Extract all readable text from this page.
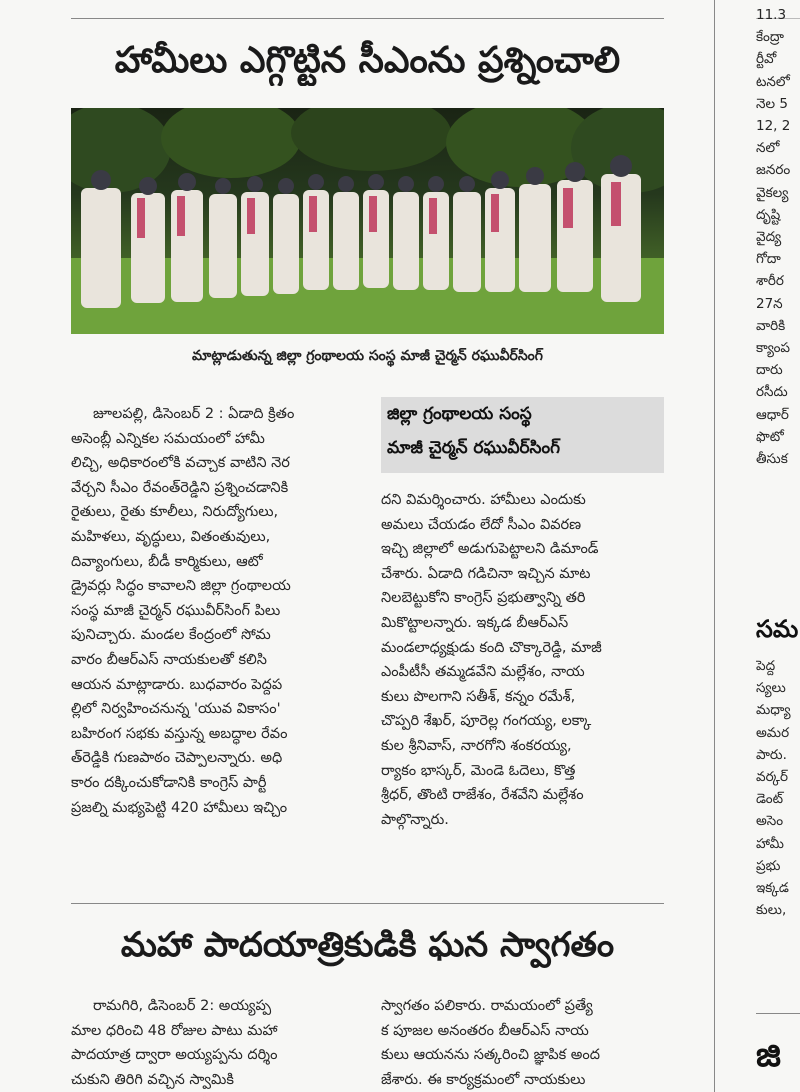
హామీలు ఎగ్గొట్టిన సీఎంను ప్రశ్నించాలి
మాట్లాడుతున్న జిల్లా గ్రంథాలయ సంస్థ మాజీ చైర్మన్ రఘువీర్‌సింగ్

జూలపల్లి, డిసెంబర్ 2 : ఏడాది క్రితం

అసెంబ్లీ ఎన్నికల సమయంలో హామీ

లిచ్చి, అధికారంలోకి వచ్చాక వాటిని నెర

వేర్చని సీఎం రేవంత్‌రెడ్డిని ప్రశ్నించడానికి

రైతులు, రైతు కూలీలు, నిరుద్యోగులు,

మహిళలు, వృద్ధులు, వితంతువులు,

దివ్యాంగులు, బీడీ కార్మికులు, ఆటో

డ్రైవర్లు సిద్ధం కావాలని జిల్లా గ్రంథాలయ

సంస్థ మాజీ చైర్మన్ రఘువీర్‌సింగ్ పిలు

పునిచ్చారు. మండల కేంద్రంలో సోమ

వారం బీఆర్‌ఎస్ నాయకులతో కలిసి

ఆయన మాట్లాడారు. బుధవారం పెద్దప

ల్లిలో నిర్వహించనున్న 'యువ వికాసం'

బహిరంగ సభకు వస్తున్న అబద్ధాల రేవం

త్‌రెడ్డికి గుణపాఠం చెప్పాలన్నారు. అధి

కారం దక్కించుకోడానికి కాంగ్రెస్ పార్టీ

ప్రజల్ని మభ్యపెట్టి 420 హామీలు ఇచ్చిం

జిల్లా గ్రంథాలయ సంస్థ
మాజీ చైర్మన్ రఘువీర్‌సింగ్

దని విమర్శించారు. హామీలు ఎందుకు

అమలు చేయడం లేదో సీఎం వివరణ

ఇచ్చి జిల్లాలో అడుగుపెట్టాలని డిమాండ్

చేశారు. ఏడాది గడిచినా ఇచ్చిన మాట

నిలబెట్టుకోని కాంగ్రెస్ ప్రభుత్వాన్ని తరి

మికొట్టాలన్నారు. ఇక్కడ బీఆర్‌ఎస్

మండలాధ్యక్షుడు కంది చొక్కారెడ్డి, మాజీ

ఎంపీటీసీ తమ్మడవేని మల్లేశం, నాయ

కులు పొలగాని సతీశ్, కన్నం రమేశ్,

చొప్పరి శేఖర్, పూరెల్ల గంగయ్య, లక్కా

కుల శ్రీనివాస్, నారగోని శంకరయ్య,

ర్యాకం భాస్కర్, మెండె ఓదెలు, కొత్త

శ్రీధర్, తొంటి రాజేశం, రేశవేని మల్లేశం

పాల్గొన్నారు.

మహా పాదయాత్రికుడికి ఘన స్వాగతం

రామగిరి, డిసెంబర్ 2: అయ్యప్ప

మాల ధరించి 48 రోజుల పాటు మహా

పాదయాత్ర ద్వారా అయ్యప్పను దర్శిం

చుకుని తిరిగి వచ్చిన స్వామికి

స్వాగతం పలికారు. రామయంలో ప్రత్యే

క పూజల అనంతరం బీఆర్‌ఎస్ నాయ

కులు ఆయనను సత్కరించి జ్ఞాపిక అంద

జేశారు. ఈ కార్యక్రమంలో నాయకులు

11.3
కేంద్రా
ర్టీవో
టనలో
నెల 5
12, 2
నలో
జనరం
వైకల్య
దృష్టి
వైద్య
గోదా
శారీర
27న
వారికి
క్యాంప
దారు
రసీదు
ఆధార్
ఫొటో
తీసుక
సమ
పెద్ద
స్యలు
మధ్యా
అమర
పారు.
వర్కర్
డెంట్
అసెం
హామీ
ప్రభు
ఇక్కడ
కులు,
జి
